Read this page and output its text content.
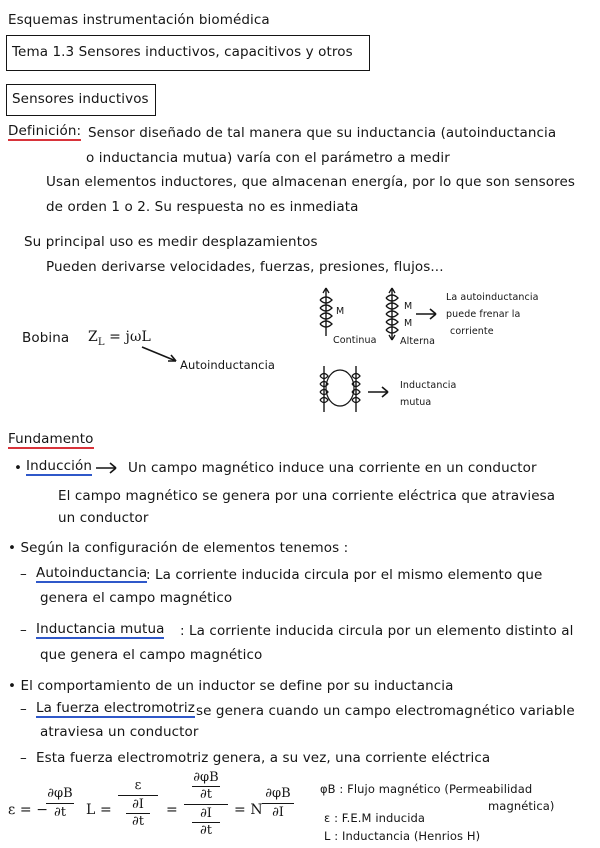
Esquemas instrumentación biomédica
Tema 1.3 Sensores inductivos, capacitivos y otros
Sensores inductivos
Definición: Sensor diseñado de tal manera que su inductancia (autoinductancia
o inductancia mutua) varía con el parámetro a medir
Usan elementos inductores, que almacenan energía, por lo que son sensores
de orden 1 o 2. Su respuesta no es inmediata
Su principal uso es medir desplazamientos
Pueden derivarse velocidades, fuerzas, presiones, flujos...
Bobina $Z_L = j\omega L$
Autoinductancia
M
Continua
M
M
Alterna
La autoinductancia
puede frenar la
corriente
Inductancia
mutua
Fundamento
• Inducción	Un campo magnético induce una corriente en un conductor
El campo magnético se genera por una corriente eléctrica que atraviesa
un conductor
• Según la configuración de elementos tenemos :
– Autoinductancia
: La corriente inducida circula por el mismo elemento que
genera el campo magnético
– Inductancia mutua : La corriente inducida circula por un elemento distinto al
que genera el campo magnético
• El comportamiento de un inductor se define por su inductancia
– La fuerza electromotriz se genera cuando un campo electromagnético variable
atraviesa un conductor
– Esta fuerza electromotriz genera, a su vez, una corriente eléctrica
ε = −
∂φB
∂t	L =
ε
∂I
∂t
=
∂φB
∂t
∂I
∂t
= N
∂φB
∂I
φB : Flujo magnético (Permeabilidad
magnética)
ε : F.E.M inducida
L : Inductancia (Henrios H)
